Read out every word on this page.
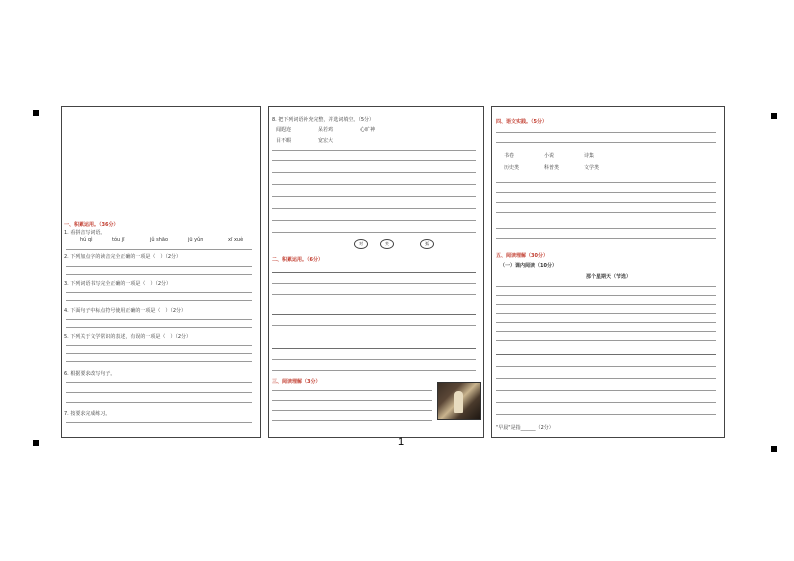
一、积累运用。（36分）
1. 看拼音写词语。
hú qì	tóu jī	jǔ shāo	jū yǔn	xī xuè
2. 下列加点字的读音完全正确的一项是（　）（2分）
3. 下列词语书写完全正确的一项是（　）（2分）
4. 下面句子中标点符号使用正确的一项是（　）（2分）
5. 下列关于文学常识的表述，有误的一项是（　）（2分）
6. 根据要求改写句子。
7. 按要求完成练习。
8. 把下列词语补充完整，并选词填空。（5分）
闻遐迩	呆若鸡	心旷神
目不暇	宽宏大
对	夹	弧
二、积累运用。（6分）
三、阅读理解（3分）
1
四、语文实践。（5分）
书卷	小说	诗集
历史类	科普类	文学类
五、阅读理解（30分）
（一）课内阅读（10分）
那个星期天（节选）
"早晨"是指______（2分）
